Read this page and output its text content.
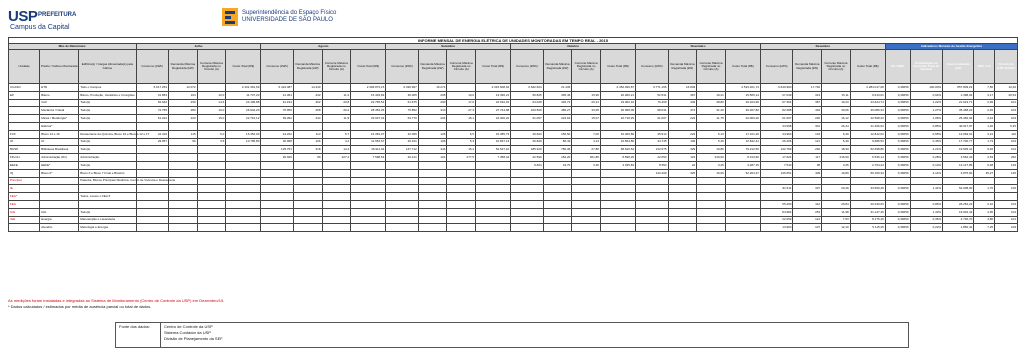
USP PREFEITURA
Campus da Capital
Superintendência do Espaço Físico
UNIVERSIDADE DE SÃO PAULO
INFORME MENSAL DE ENERGIA ELÉTRICA DE UNIDADES MONITORADAS EM TEMPO REAL - 2015																															
Mês de Referência:			Julho				Agosto				Setembro				Outubro				Novembro				Dezembro				Indicadores Mensais de Gestão Energética				
Unidade	Prédio / Cabine Monitorada	Edifício(s) / Cargas Alimentada(s) pela Cabine	Consumo (kWh)	Demanda Máxima Registrada (kW)	Corrente Máxima Registrada no Circuito (A)	Custo Total (R$)	Consumo (kWh)	Demanda Máxima Registrada (kW)	Corrente Máxima Registrada no Circuito (A)	Custo Total (R$)	Consumo (kWh)	Demanda Máxima Registrada (kW)	Corrente Máxima Registrada no Circuito (A)	Custo Total (R$)	Consumo (kWh)	Demanda Máxima Registrada (kW)	Corrente Máxima Registrada no Circuito (A)	Custo Total (R$)	Consumo (kWh)	Demanda Máxima Registrada (kW)	Corrente Máxima Registrada no Circuito (A)	Custo Total (R$)	Consumo (kWh)	Demanda Máxima Registrada (kW)	Corrente Máxima Registrada no Circuito (A)	Custo Total (R$)	FE / MWh	Contribuição no Consumo Total do Campus	Área Construída (m2)	kWh / m2	Circuito de ETD CUASO
CUASO	ETD	Todo o Campus	5.617.254	12.072		2.101.391,69	6.424.487	14.440		2.396.873,15	6.336.967	16.274		2.315.608,04	6.622.604	21.436		2.452.496,87	6.771.166	16.849		2.523.321,74	6.640.900	17.740		2.284.017,08	0,36650	100,00%	857.809,23	7,50	10,40
EP	Biênio	Biênio, Produção, Vestiários e Cirurgiões	31.853	194	10,0	11.737,20	41.364	232	11,2	15.433,83	36.005	205	10,0	13.396,21	50.825	405,46	15,96	20.060,21	52.531	397	19,21	15.565,14	27.049	313	15,11	9.613,01	0,36650	0,64%	1.398,04	3,17	20,54
	Civil	Todo(s)	62.640	230	14,6	23.195,88	61.194	362	20,8	22.765,54	61.675	290	17,0	22.632,91	64.028	430,72	26,31	23.062,10	70.409	449	28,80	26.224,96	67.364	387	19,23	23.624,74	0,36650	1,22%	21.623,71	2,99	101
	Mecânica / Naval	Todo(s)	72.755	280	19,0	26.944,20	76.959	268	20,2	28.454,36	75.852	310	27,3	27.744,68	100.509	480,27	33,05	36.958,09	98.041	374	31,40	36.267,82	82.288	434	30,06	30.086,34	0,36650	1,27%	35.468,22	2,45	103
	Minas / Metalurgia*	Todo(s)	61.222	220	15,0	22.710,12	69.392	244	11,9	32.937,43	63.770	204	15,1	24.300,22	61.007	222,63	15,07	22.718,29	61.007	223	11,75	22.000,20	61.007	220	16,12	22.508,23	0,36650	1,06%	25.466,04	2,44	103
	Elétrica*																						34.598	301	26,44	21.466,63	0,36650	0,85%	40.917,97	1,46	6,25
FCF	Bloco 13 e 16	Restaurante da Química, Bloco 16 e Blocos 12 e 17	44.316	115	5,0	16.452,00	44.222	113	5,7	16.363,07	42.066	126	6,5	15.385,73	46.603	156,50	7,00	16.400,89	45.914	223	6,13	17.101,26	34.963	134	6,49	12.812,03	0,36650	0,55%	12.069,01	3,21	110
IO	IO	Todo(s)	29.957	96	3,5	10.795,80	30.968	106	4,2	11.552,67	26.101	106	5,3	10.837,13	26.660	86,43	4,13	10.664,86	34.745	145	5,46	12.842,41	26.406	121	5,40	9.686,53	0,36650	0,45%	17.700,77	1,73	103
BUSP	Biblioteca Brasiliana	Todo(s)					125.751	318	14,4	46.911,64	147.712	344	15,4	54.637,10	185.320	780,36	27,86	68.626,54	212.675	329	19,86	79.212,56	142.769	292	18,33	52.698,86	0,36650	2,21%	19.635,41	9,46	104
FFLCH	Administração (Dir)	Administração					20.029	89	227,2	7.598,53	20.121	101	277,5	7.358,44	22.590	182,20	361,86	8.598,26	22.653	123	319,60	8.313,60	17.624	117	216,00	6.536,14	0,36650	0,28%	3.562,43	4,53	262
EEFE	EEFE*	Todo(s)													9.664	34,70	3,36	3.335,83	8.554	22	3,26	3.287,15	7.543	38	3,25	2.764,24	0,36650	0,13%	13.127,89	0,48	149
IQ	Bloco 0*	Bloco 0 e Bloco 7 Final e Biotério																	143.409	325	16,09	52.264,37	136.651	409	19,80	50.150,33	0,36650	2,14%	3.875,90	35,27	145
Principal		Palestra, Blocos Principais Medicina, Centro de Vivência e Restaurante																													
IE																							91.511	337	20,49	33.590,49	0,36650	1,41%	52.008,00	1,76	106
FEA*		Todos, exceto o FEA 5																													
FEA																							55.200	412	29,84	20.230,63	0,36650	0,86%	26.252,22	2,10	103
IAG	IAG	Todo(s)																					84.984	253	11,98	31.147,46	0,36650	1,33%	16.902,42	4,95	104
IGE	Energia	Manutenção e Lavanderia																					22.059	121	7,53	8.175,46	0,36650	0,36%	4.730,70	4,86	101
	Atendim.	Metrologia e Energia																					13.960	107	12,10	5.115,25	0,36650	0,22%	1.860,42	7,25	109
As medições foram instaladas e integradas ao Sistema de Monitoramento (Centro de Controle da USP) em Dezembro/15.
* Dados calculados / estimados por média de ausência parcial ou total de dados.
Fonte dos dados:	Centro de Controle da USP
Sistema Contador da USP
Divisão de Planejamento da SEF
